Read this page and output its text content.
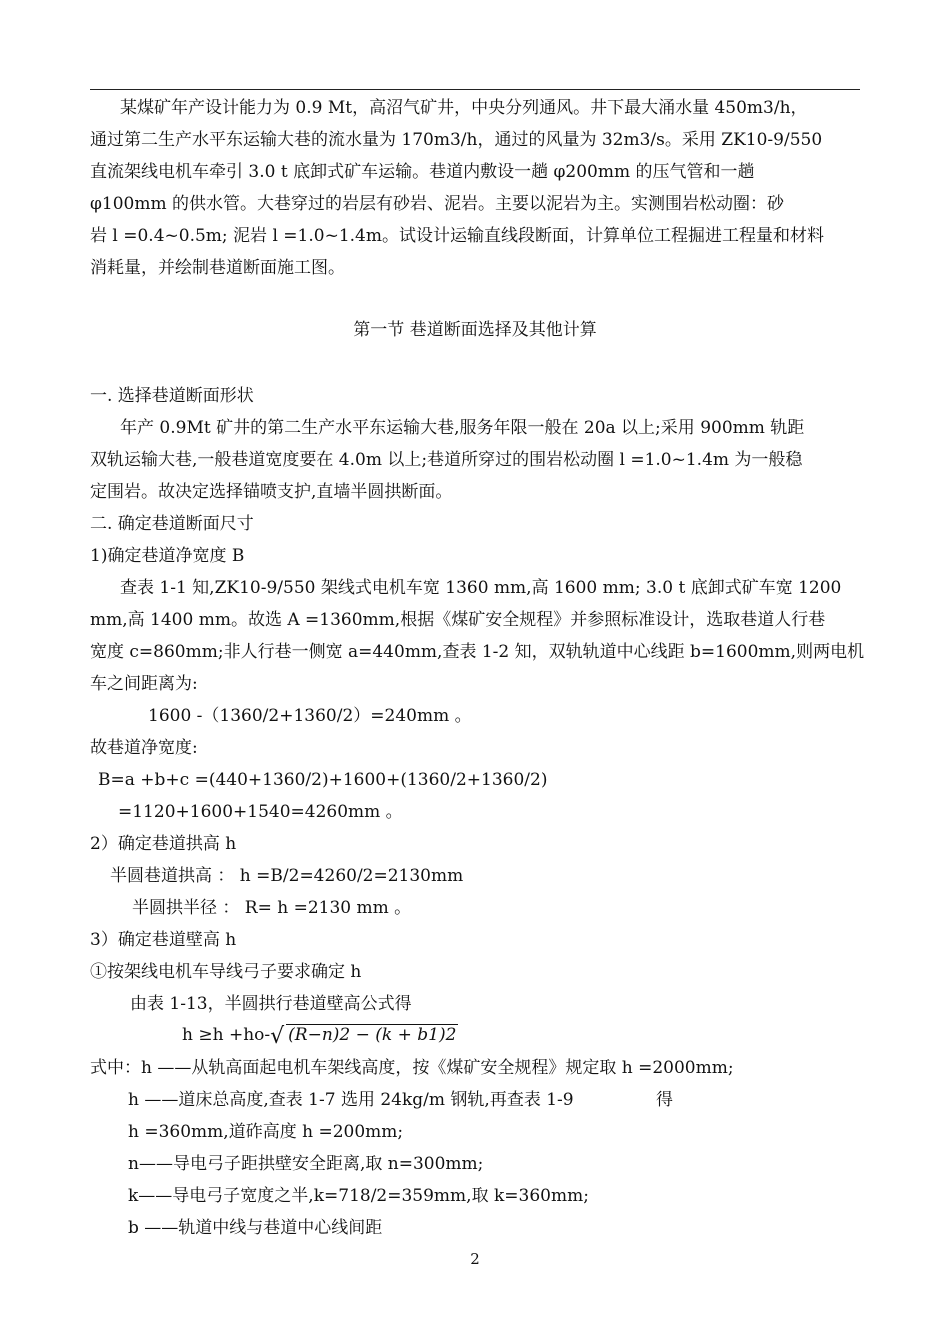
某煤矿年产设计能力为 0.9 Mt，高沼气矿井，中央分列通风。井下最大涌水量 450m3/h，
通过第二生产水平东运输大巷的流水量为 170m3/h，通过的风量为 32m3/s。采用 ZK10-9/550
直流架线电机车牵引 3.0 t 底卸式矿车运输。巷道内敷设一趟 φ200mm 的压气管和一趟
φ100mm 的供水管。大巷穿过的岩层有砂岩、泥岩。主要以泥岩为主。实测围岩松动圈：砂
岩 l =0.4~0.5m; 泥岩 l =1.0~1.4m。试设计运输直线段断面，计算单位工程掘进工程量和材料
消耗量，并绘制巷道断面施工图。
第一节 巷道断面选择及其他计算
一. 选择巷道断面形状
年产 0.9Mt 矿井的第二生产水平东运输大巷,服务年限一般在 20a 以上;采用 900mm 轨距
双轨运输大巷,一般巷道宽度要在 4.0m 以上;巷道所穿过的围岩松动圈 l =1.0~1.4m 为一般稳
定围岩。故决定选择锚喷支护,直墙半圆拱断面。
二. 确定巷道断面尺寸
1)确定巷道净宽度 B
查表 1-1 知,ZK10-9/550 架线式电机车宽 1360 mm,高 1600 mm; 3.0 t 底卸式矿车宽 1200
mm,高 1400 mm。故选 A =1360mm,根据《煤矿安全规程》并参照标准设计，选取巷道人行巷
宽度 c=860mm;非人行巷一侧宽 a=440mm,查表 1-2 知，双轨轨道中心线距 b=1600mm,则两电机
车之间距离为:
1600 -（1360/2+1360/2）=240mm 。
故巷道净宽度:
B=a +b+c =(440+1360/2)+1600+(1360/2+1360/2)
=1120+1600+1540=4260mm 。
2）确定巷道拱高 h
半圆巷道拱高 ： h =B/2=4260/2=2130mm
半圆拱半径 ： R= h =2130 mm 。
3）确定巷道壁高 h
①按架线电机车导线弓子要求确定 h
由表 1-13，半圆拱行巷道壁高公式得
h ≥h +ho-√ (R−n)2 − (k + b1)2
式中：h ——从轨高面起电机车架线高度，按《煤矿安全规程》规定取 h =2000mm;
h ——道床总高度,查表 1-7 选用 24kg/m 钢轨,再查表 1-9	得
h =360mm,道砟高度 h =200mm;
n——导电弓子距拱壁安全距离,取 n=300mm;
k——导电弓子宽度之半,k=718/2=359mm,取 k=360mm;
b ——轨道中线与巷道中心线间距
2
